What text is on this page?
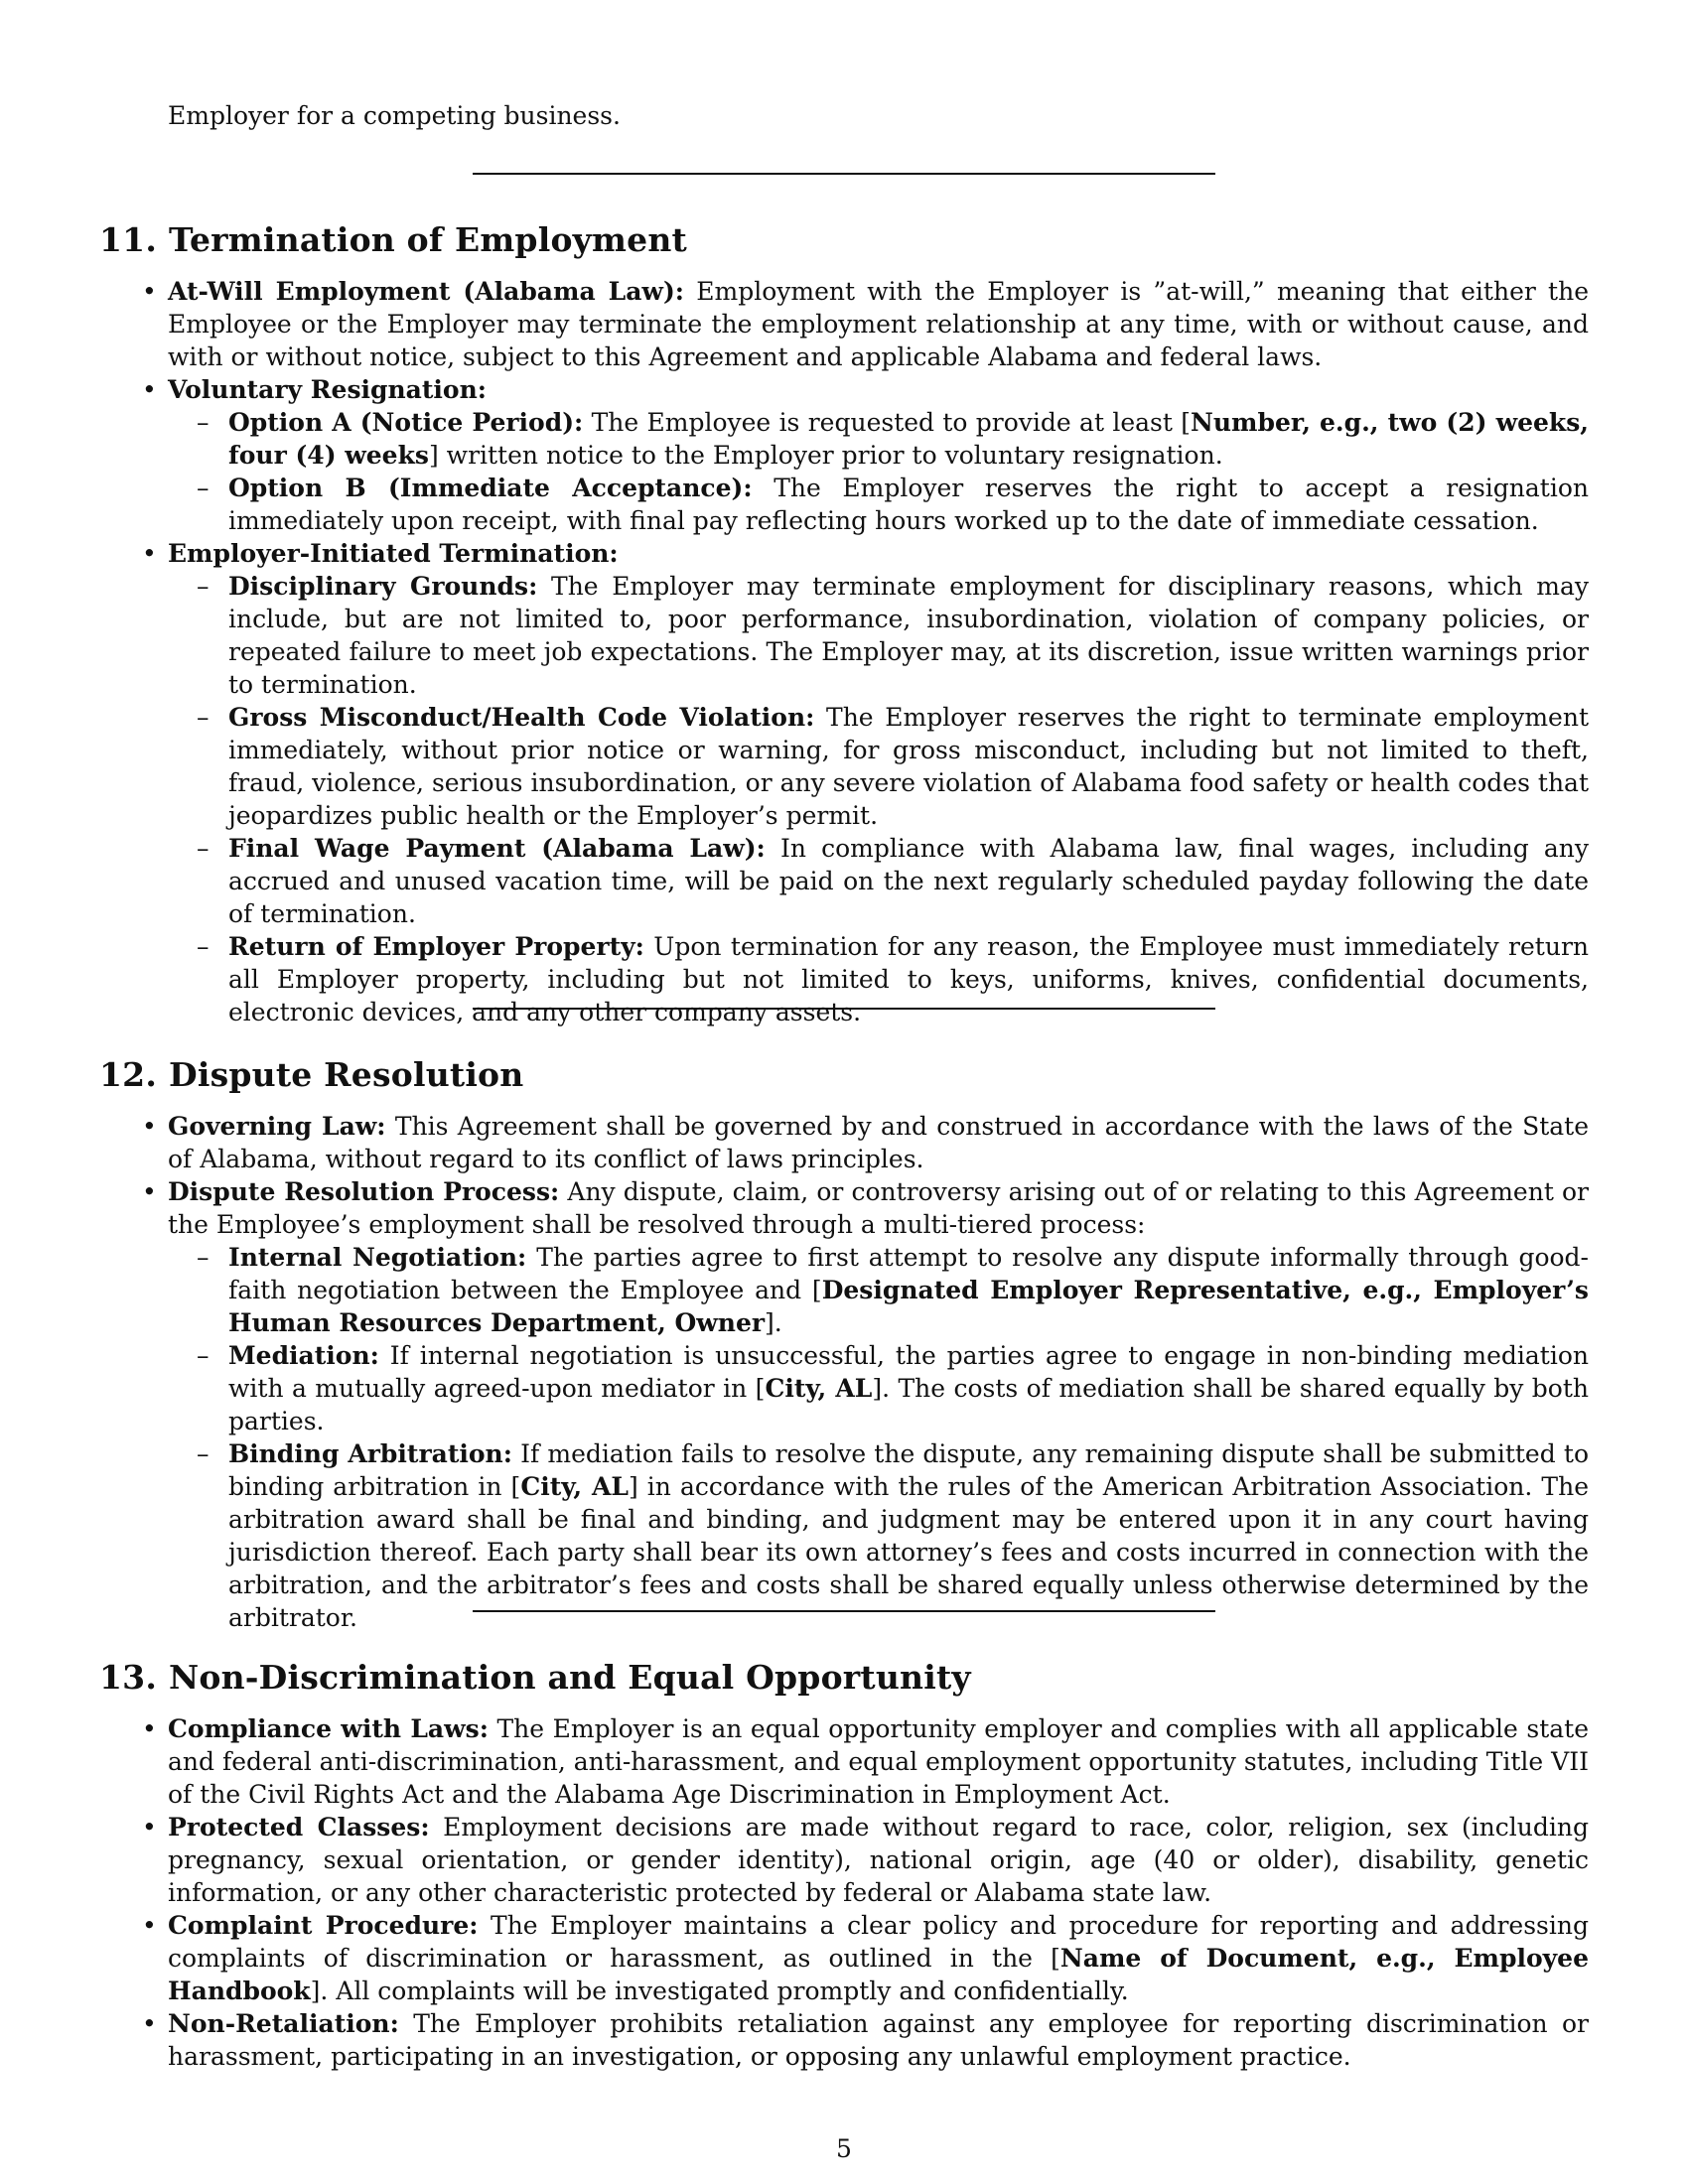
Employer for a competing business.
11. Termination of Employment
• At-Will Employment (Alabama Law): Employment with the Employer is ”at-will,” meaning that either the Employee or the Employer may terminate the employment relationship at any time, with or without cause, and with or without notice, subject to this Agreement and applicable Alabama and federal laws.
• Voluntary Resignation:
– Option A (Notice Period): The Employee is requested to provide at least [Number, e.g., two (2) weeks, four (4) weeks] written notice to the Employer prior to voluntary resignation.
– Option B (Immediate Acceptance): The Employer reserves the right to accept a resignation immediately upon receipt, with final pay reflecting hours worked up to the date of immediate cessation.
• Employer-Initiated Termination:
– Disciplinary Grounds: The Employer may terminate employment for disciplinary reasons, which may include, but are not limited to, poor performance, insubordination, violation of company policies, or repeated failure to meet job expectations. The Employer may, at its discretion, issue written warnings prior to termination.
– Gross Misconduct/Health Code Violation: The Employer reserves the right to terminate employment immediately, without prior notice or warning, for gross misconduct, including but not limited to theft, fraud, violence, serious insubordination, or any severe violation of Alabama food safety or health codes that jeopardizes public health or the Employer’s permit.
– Final Wage Payment (Alabama Law): In compliance with Alabama law, final wages, including any accrued and unused vacation time, will be paid on the next regularly scheduled payday following the date of termination.
– Return of Employer Property: Upon termination for any reason, the Employee must immediately return all Employer property, including but not limited to keys, uniforms, knives, confidential documents, electronic devices, and any other company assets.
12. Dispute Resolution
• Governing Law: This Agreement shall be governed by and construed in accordance with the laws of the State of Alabama, without regard to its conflict of laws principles.
• Dispute Resolution Process: Any dispute, claim, or controversy arising out of or relating to this Agreement or the Employee’s employment shall be resolved through a multi-tiered process:
– Internal Negotiation: The parties agree to first attempt to resolve any dispute informally through good-faith negotiation between the Employee and [Designated Employer Representative, e.g., Employer’s Human Resources Department, Owner].
– Mediation: If internal negotiation is unsuccessful, the parties agree to engage in non-binding mediation with a mutually agreed-upon mediator in [City, AL]. The costs of mediation shall be shared equally by both parties.
– Binding Arbitration: If mediation fails to resolve the dispute, any remaining dispute shall be submitted to binding arbitration in [City, AL] in accordance with the rules of the American Arbitration Association. The arbitration award shall be final and binding, and judgment may be entered upon it in any court having jurisdiction thereof. Each party shall bear its own attorney’s fees and costs incurred in connection with the arbitration, and the arbitrator’s fees and costs shall be shared equally unless otherwise determined by the arbitrator.
13. Non-Discrimination and Equal Opportunity
• Compliance with Laws: The Employer is an equal opportunity employer and complies with all applicable state and federal anti-discrimination, anti-harassment, and equal employment opportunity statutes, including Title VII of the Civil Rights Act and the Alabama Age Discrimination in Employment Act.
• Protected Classes: Employment decisions are made without regard to race, color, religion, sex (including pregnancy, sexual orientation, or gender identity), national origin, age (40 or older), disability, genetic information, or any other characteristic protected by federal or Alabama state law.
• Complaint Procedure: The Employer maintains a clear policy and procedure for reporting and addressing complaints of discrimination or harassment, as outlined in the [Name of Document, e.g., Employee Handbook]. All complaints will be investigated promptly and confidentially.
• Non-Retaliation: The Employer prohibits retaliation against any employee for reporting discrimination or harassment, participating in an investigation, or opposing any unlawful employment practice.
5
